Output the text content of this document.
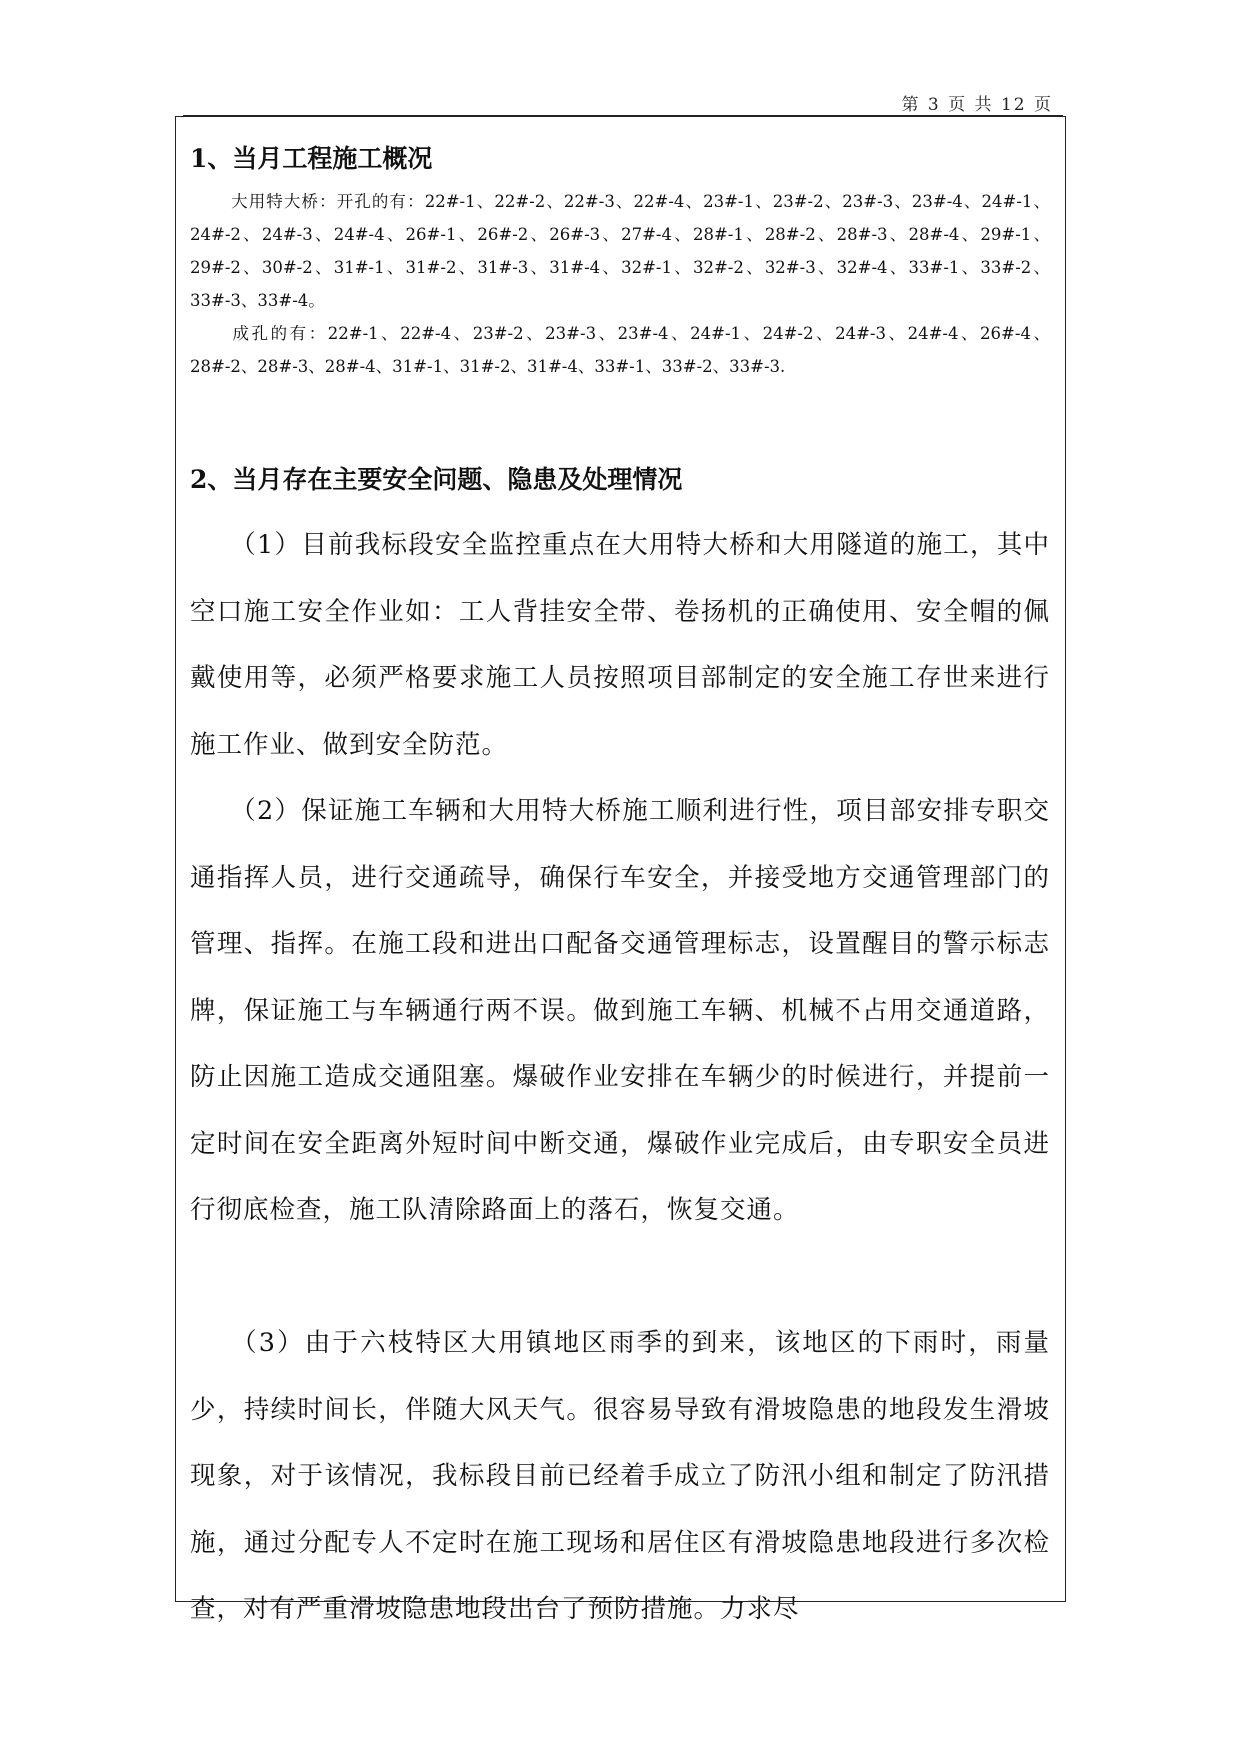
第 3 页 共 12 页
1、当月工程施工概况
大用特大桥：开孔的有：22#-1、22#-2、22#-3、22#-4、23#-1、23#-2、23#-3、23#-4、24#-1、24#-2、24#-3、24#-4、26#-1、26#-2、26#-3、27#-4、28#-1、28#-2、28#-3、28#-4、29#-1、29#-2、30#-2、31#-1、31#-2、31#-3、31#-4、32#-1、32#-2、32#-3、32#-4、33#-1、33#-2、33#-3、33#-4。
成孔的有：22#-1、22#-4、23#-2、23#-3、23#-4、24#-1、24#-2、24#-3、24#-4、26#-4、28#-2、28#-3、28#-4、31#-1、31#-2、31#-4、33#-1、33#-2、33#-3.
2、当月存在主要安全问题、隐患及处理情况
（1）目前我标段安全监控重点在大用特大桥和大用隧道的施工，其中空口施工安全作业如：工人背挂安全带、卷扬机的正确使用、安全帽的佩戴使用等，必须严格要求施工人员按照项目部制定的安全施工存世来进行施工作业、做到安全防范。
（2）保证施工车辆和大用特大桥施工顺利进行性，项目部安排专职交通指挥人员，进行交通疏导，确保行车安全，并接受地方交通管理部门的管理、指挥。在施工段和进出口配备交通管理标志，设置醒目的警示标志牌，保证施工与车辆通行两不误。做到施工车辆、机械不占用交通道路，防止因施工造成交通阻塞。爆破作业安排在车辆少的时候进行，并提前一定时间在安全距离外短时间中断交通，爆破作业完成后，由专职安全员进行彻底检查，施工队清除路面上的落石，恢复交通。
（3）由于六枝特区大用镇地区雨季的到来，该地区的下雨时，雨量少，持续时间长，伴随大风天气。很容易导致有滑坡隐患的地段发生滑坡现象，对于该情况，我标段目前已经着手成立了防汛小组和制定了防汛措施，通过分配专人不定时在施工现场和居住区有滑坡隐患地段进行多次检查，对有严重滑坡隐患地段出台了预防措施。力求尽
